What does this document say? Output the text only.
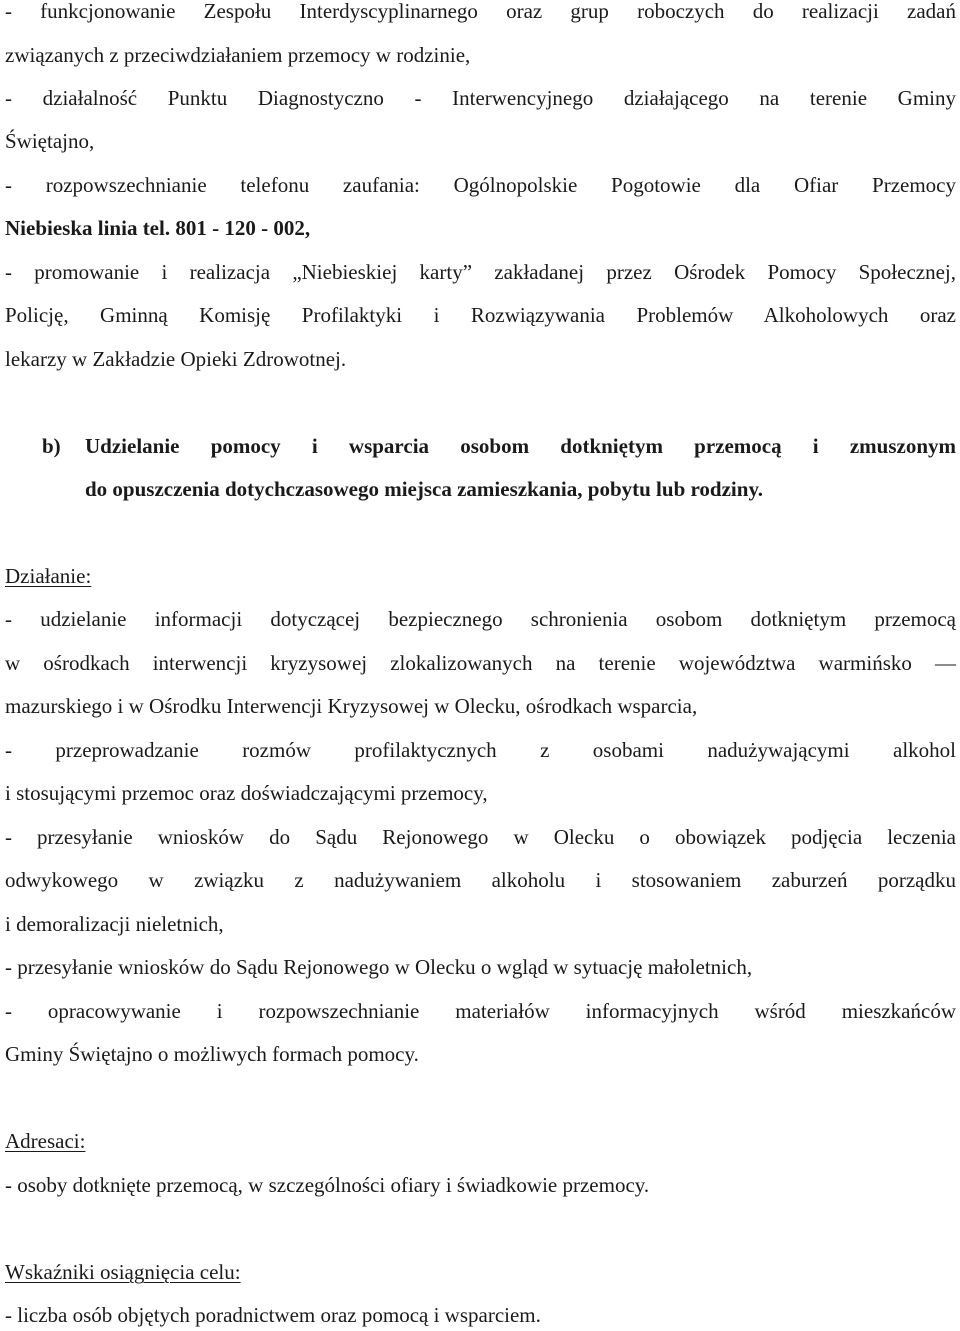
- funkcjonowanie Zespołu Interdyscyplinarnego oraz grup roboczych do realizacji zadań
związanych z przeciwdziałaniem przemocy w rodzinie,
- działalność Punktu Diagnostyczno - Interwencyjnego działającego na terenie Gminy
Świętajno,
- rozpowszechnianie telefonu zaufania: Ogólnopolskie Pogotowie dla Ofiar Przemocy
Niebieska linia tel. 801 - 120 - 002,
- promowanie i realizacja „Niebieskiej karty” zakładanej przez Ośrodek Pomocy Społecznej,
Policję, Gminną Komisję Profilaktyki i Rozwiązywania Problemów Alkoholowych oraz
lekarzy w Zakładzie Opieki Zdrowotnej.
b) Udzielanie pomocy i wsparcia osobom dotkniętym przemocą i zmuszonym
do opuszczenia dotychczasowego miejsca zamieszkania, pobytu lub rodziny.
Działanie:
- udzielanie informacji dotyczącej bezpiecznego schronienia osobom dotkniętym przemocą
w ośrodkach interwencji kryzysowej zlokalizowanych na terenie województwa warmińsko —
mazurskiego i w Ośrodku Interwencji Kryzysowej w Olecku, ośrodkach wsparcia,
- przeprowadzanie rozmów profilaktycznych z osobami nadużywającymi alkohol
i stosującymi przemoc oraz doświadczającymi przemocy,
- przesyłanie wniosków do Sądu Rejonowego w Olecku o obowiązek podjęcia leczenia
odwykowego w związku z nadużywaniem alkoholu i stosowaniem zaburzeń porządku
i demoralizacji nieletnich,
- przesyłanie wniosków do Sądu Rejonowego w Olecku o wgląd w sytuację małoletnich,
- opracowywanie i rozpowszechnianie materiałów informacyjnych wśród mieszkańców
Gminy Świętajno o możliwych formach pomocy.
Adresaci:
- osoby dotknięte przemocą, w szczególności ofiary i świadkowie przemocy.
Wskaźniki osiągnięcia celu:
- liczba osób objętych poradnictwem oraz pomocą i wsparciem.
